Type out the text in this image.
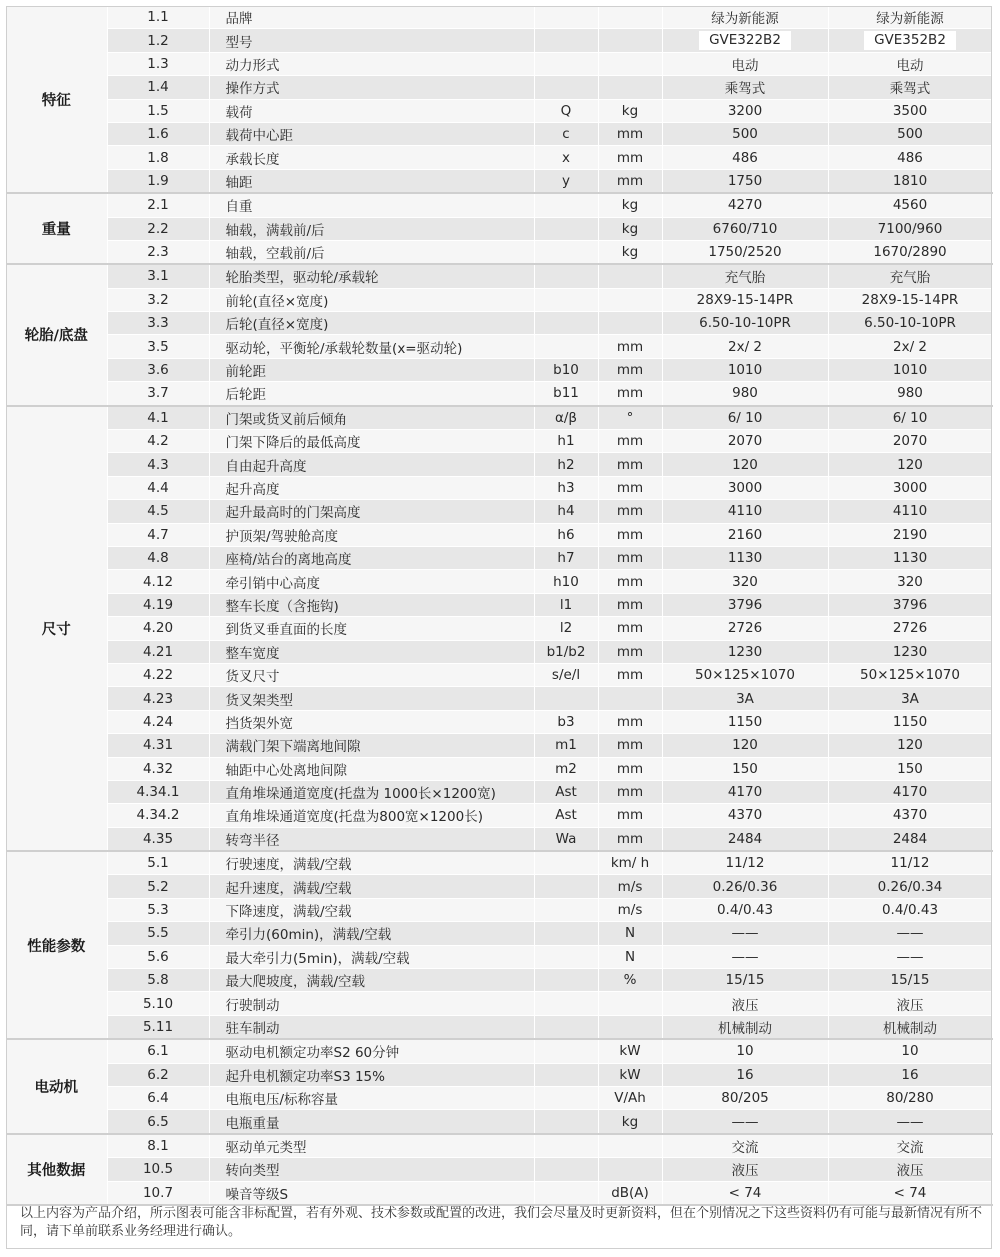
特征	1.1	品牌			绿为新能源	绿为新能源
	1.2	型号			GVE322B2	GVE352B2
	1.3	动力形式			电动	电动
	1.4	操作方式			乘驾式	乘驾式
	1.5	载荷	Q	kg	3200	3500
	1.6	载荷中心距	c	mm	500	500
	1.8	承载长度	x	mm	486	486
	1.9	轴距	y	mm	1750	1810
重量	2.1	自重		kg	4270	4560
	2.2	轴载，满载前/后		kg	6760/710	7100/960
	2.3	轴载，空载前/后		kg	1750/2520	1670/2890
轮胎/底盘	3.1	轮胎类型，驱动轮/承载轮			充气胎	充气胎
	3.2	前轮(直径×宽度)			28X9-15-14PR	28X9-15-14PR
	3.3	后轮(直径×宽度)			6.50-10-10PR	6.50-10-10PR
	3.5	驱动轮，平衡轮/承载轮数量(x=驱动轮)		mm	2x/ 2	2x/ 2
	3.6	前轮距	b10	mm	1010	1010
	3.7	后轮距	b11	mm	980	980
尺寸	4.1	门架或货叉前后倾角	α/β	°	6/ 10	6/ 10
	4.2	门架下降后的最低高度	h1	mm	2070	2070
	4.3	自由起升高度	h2	mm	120	120
	4.4	起升高度	h3	mm	3000	3000
	4.5	起升最高时的门架高度	h4	mm	4110	4110
	4.7	护顶架/驾驶舱高度	h6	mm	2160	2190
	4.8	座椅/站台的离地高度	h7	mm	1130	1130
	4.12	牵引销中心高度	h10	mm	320	320
	4.19	整车长度（含拖钩)	l1	mm	3796	3796
	4.20	到货叉垂直面的长度	l2	mm	2726	2726
	4.21	整车宽度	b1/b2	mm	1230	1230
	4.22	货叉尺寸	s/e/l	mm	50×125×1070	50×125×1070
	4.23	货叉架类型			3A	3A
	4.24	挡货架外宽	b3	mm	1150	1150
	4.31	满载门架下端离地间隙	m1	mm	120	120
	4.32	轴距中心处离地间隙	m2	mm	150	150
	4.34.1	直角堆垛通道宽度(托盘为 1000长×1200宽)	Ast	mm	4170	4170
	4.34.2	直角堆垛通道宽度(托盘为800宽×1200长)	Ast	mm	4370	4370
	4.35	转弯半径	Wa	mm	2484	2484
性能参数	5.1	行驶速度，满载/空载		km/ h	11/12	11/12
	5.2	起升速度，满载/空载		m/s	0.26/0.36	0.26/0.34
	5.3	下降速度，满载/空载		m/s	0.4/0.43	0.4/0.43
	5.5	牵引力(60min)，满载/空载		N	——	——
	5.6	最大牵引力(5min)，满载/空载		N	——	——
	5.8	最大爬坡度，满载/空载		%	15/15	15/15
	5.10	行驶制动			液压	液压
	5.11	驻车制动			机械制动	机械制动
电动机	6.1	驱动电机额定功率S2 60分钟		kW	10	10
	6.2	起升电机额定功率S3 15%		kW	16	16
	6.4	电瓶电压/标称容量		V/Ah	80/205	80/280
	6.5	电瓶重量		kg	——	——
其他数据	8.1	驱动单元类型			交流	交流
	10.5	转向类型			液压	液压
	10.7	噪音等级S		dB(A)	< 74	< 74
以上内容为产品介绍，所示图表可能含非标配置，若有外观、技术参数或配置的改进，我们会尽量及时更新资料，但在个别情况之下这些资料仍有可能与最新情况有所不同，请下单前联系业务经理进行确认。
